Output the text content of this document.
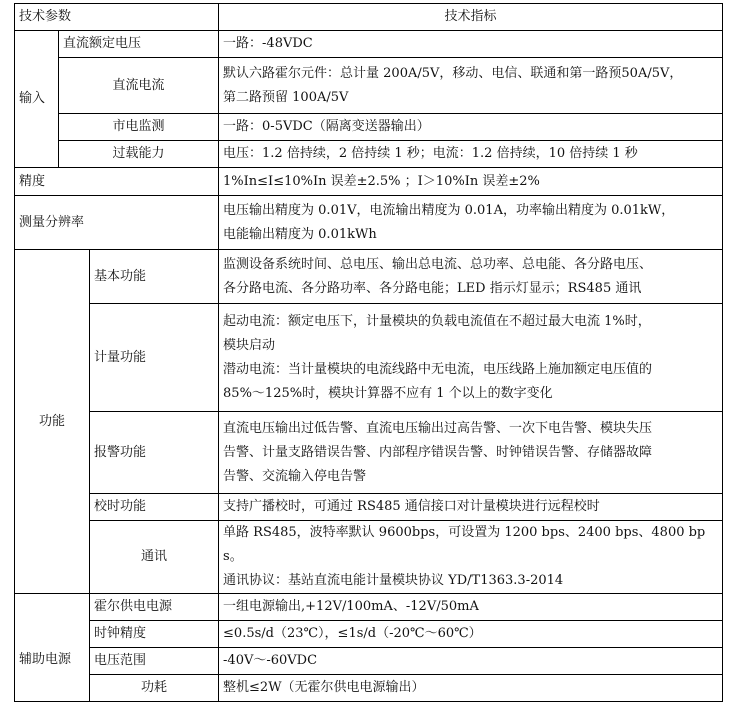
技术参数			技术指标
输入	直流额定电压		一路：-48VDC
	直流电流		默认六路霍尔元件：总计量 200A/5V，移动、电信、联通和第一路预50A/5V，
第二路预留 100A/5V

	市电监测		一路：0-5VDC（隔离变送器输出）
	过载能力		电压：1.2 倍持续，2 倍持续 1 秒；电流：1.2 倍持续，10 倍持续 1 秒
精度			1%In≤I≤10%In 误差±2.5% ；I＞10%In 误差±2%
测量分辨率			电压输出精度为 0.01V，电流输出精度为 0.01A，功率输出精度为 0.01kW，
电能输出精度为 0.01kWh

功能		基本功能	监测设备系统时间、总电压、输出总电流、总功率、总电能、各分路电压、
各分路电流、各分路功率、各分路电能；LED 指示灯显示；RS485 通讯

		计量功能	起动电流：额定电压下，计量模块的负载电流值在不超过最大电流 1%时，
模块启动
潜动电流：当计量模块的电流线路中无电流，电压线路上施加额定电压值的
85%～125%时，模块计算器不应有 1 个以上的数字变化

		报警功能	直流电压输出过低告警、直流电压输出过高告警、一次下电告警、模块失压
告警、计量支路错误告警、内部程序错误告警、时钟错误告警、存储器故障
告警、交流输入停电告警

		校时功能	支持广播校时，可通过 RS485 通信接口对计量模块进行远程校时
		通讯	单路 RS485，波特率默认 9600bps，可设置为 1200 bps、2400 bps、4800 bps。
通讯协议：基站直流电能计量模块协议 YD/T1363.3-2014

		霍尔供电电源	一组电源输出,+12V/100mA、-12V/50mA
		时钟精度	≤0.5s/d（23℃），≤1s/d（-20℃～60℃）
辅助电源		电压范围	-40V～-60VDC
		功耗	整机≤2W（无霍尔供电电源输出）
